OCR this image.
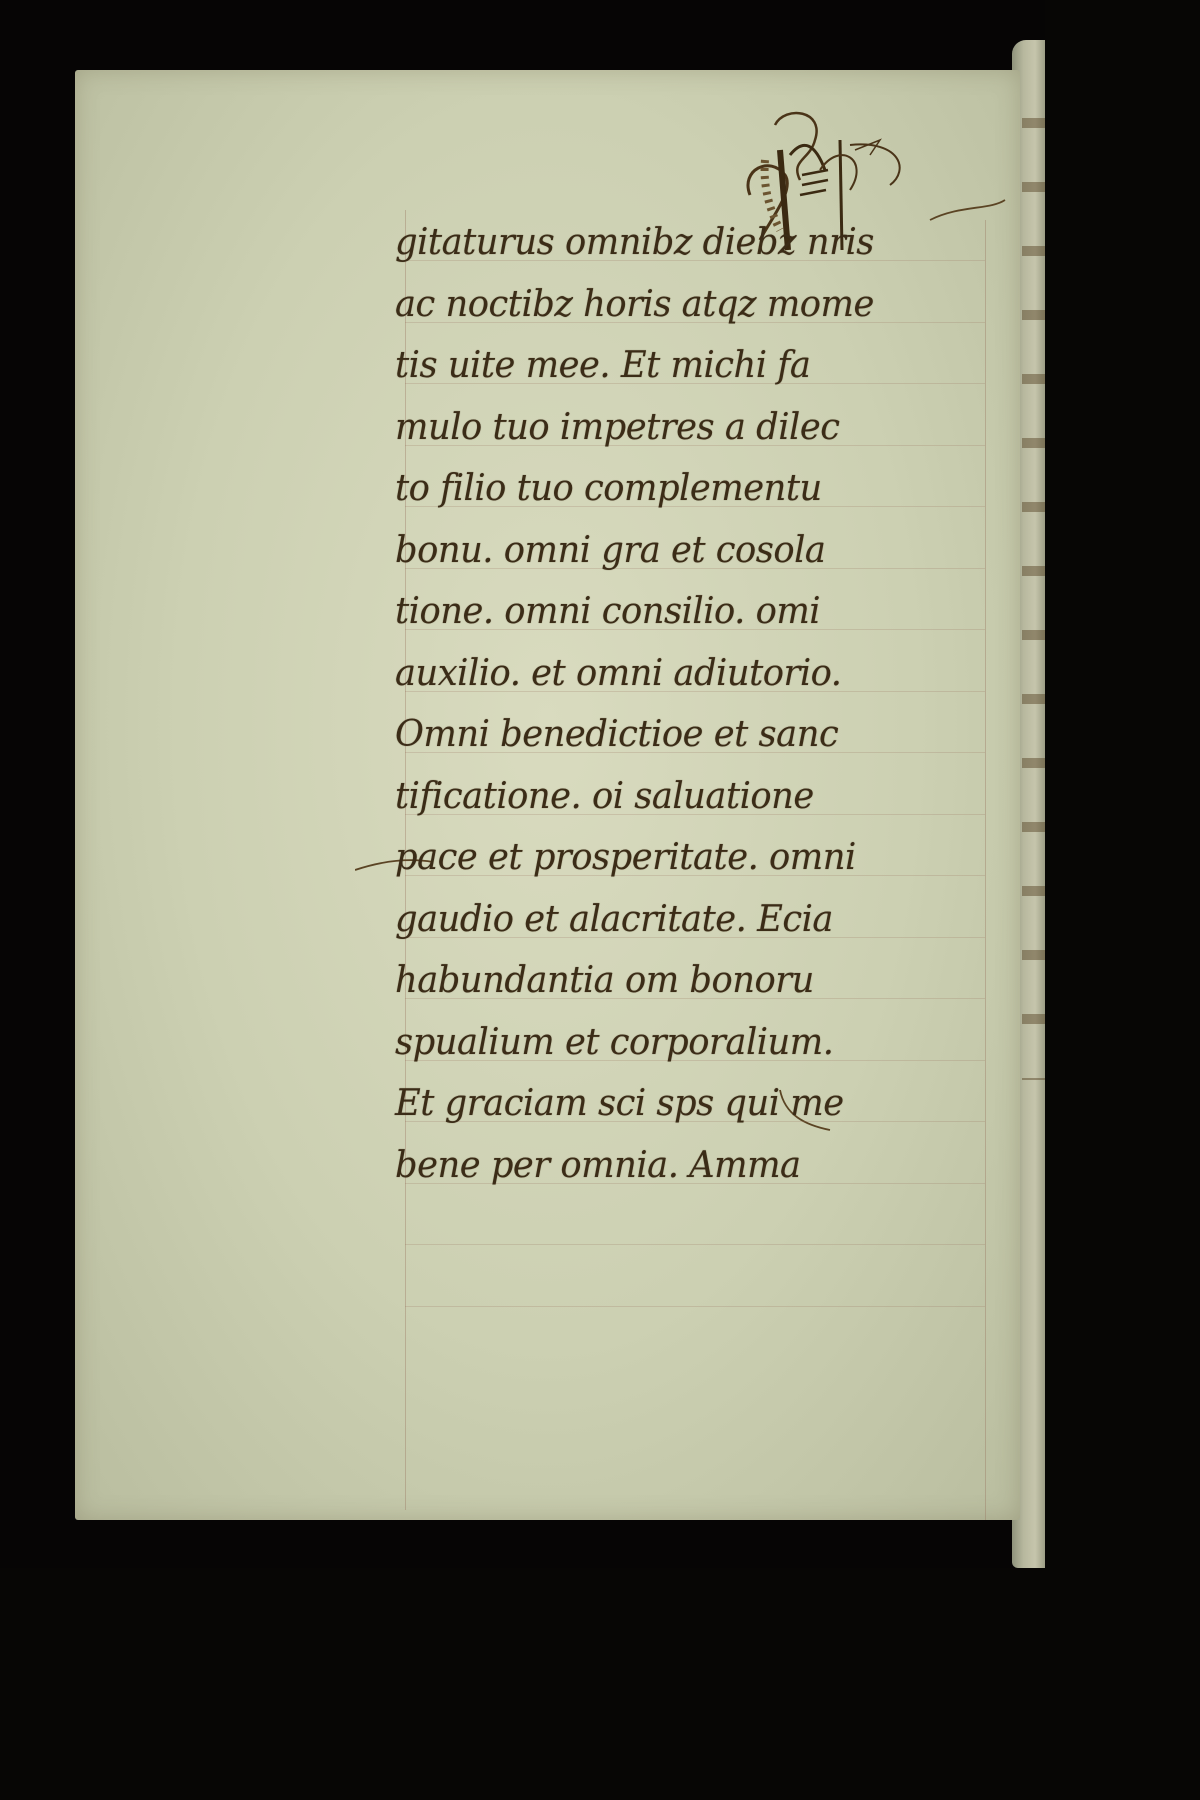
gitaturus omnibz diebz nris
ac noctibz horis atqz mome
tis uite mee. Et michi fa
mulo tuo impetres a dilec
to filio tuo complementu
bonu. omni gra et cosola
tione. omni consilio. omi
auxilio. et omni adiutorio.
Omni benedictioe et sanc
tificatione. oi saluatione
pace et prosperitate. omni
gaudio et alacritate. Ecia
habundantia om bonoru
spualium et corporalium.
Et graciam sci sps qui me
bene per omnia. Amma
